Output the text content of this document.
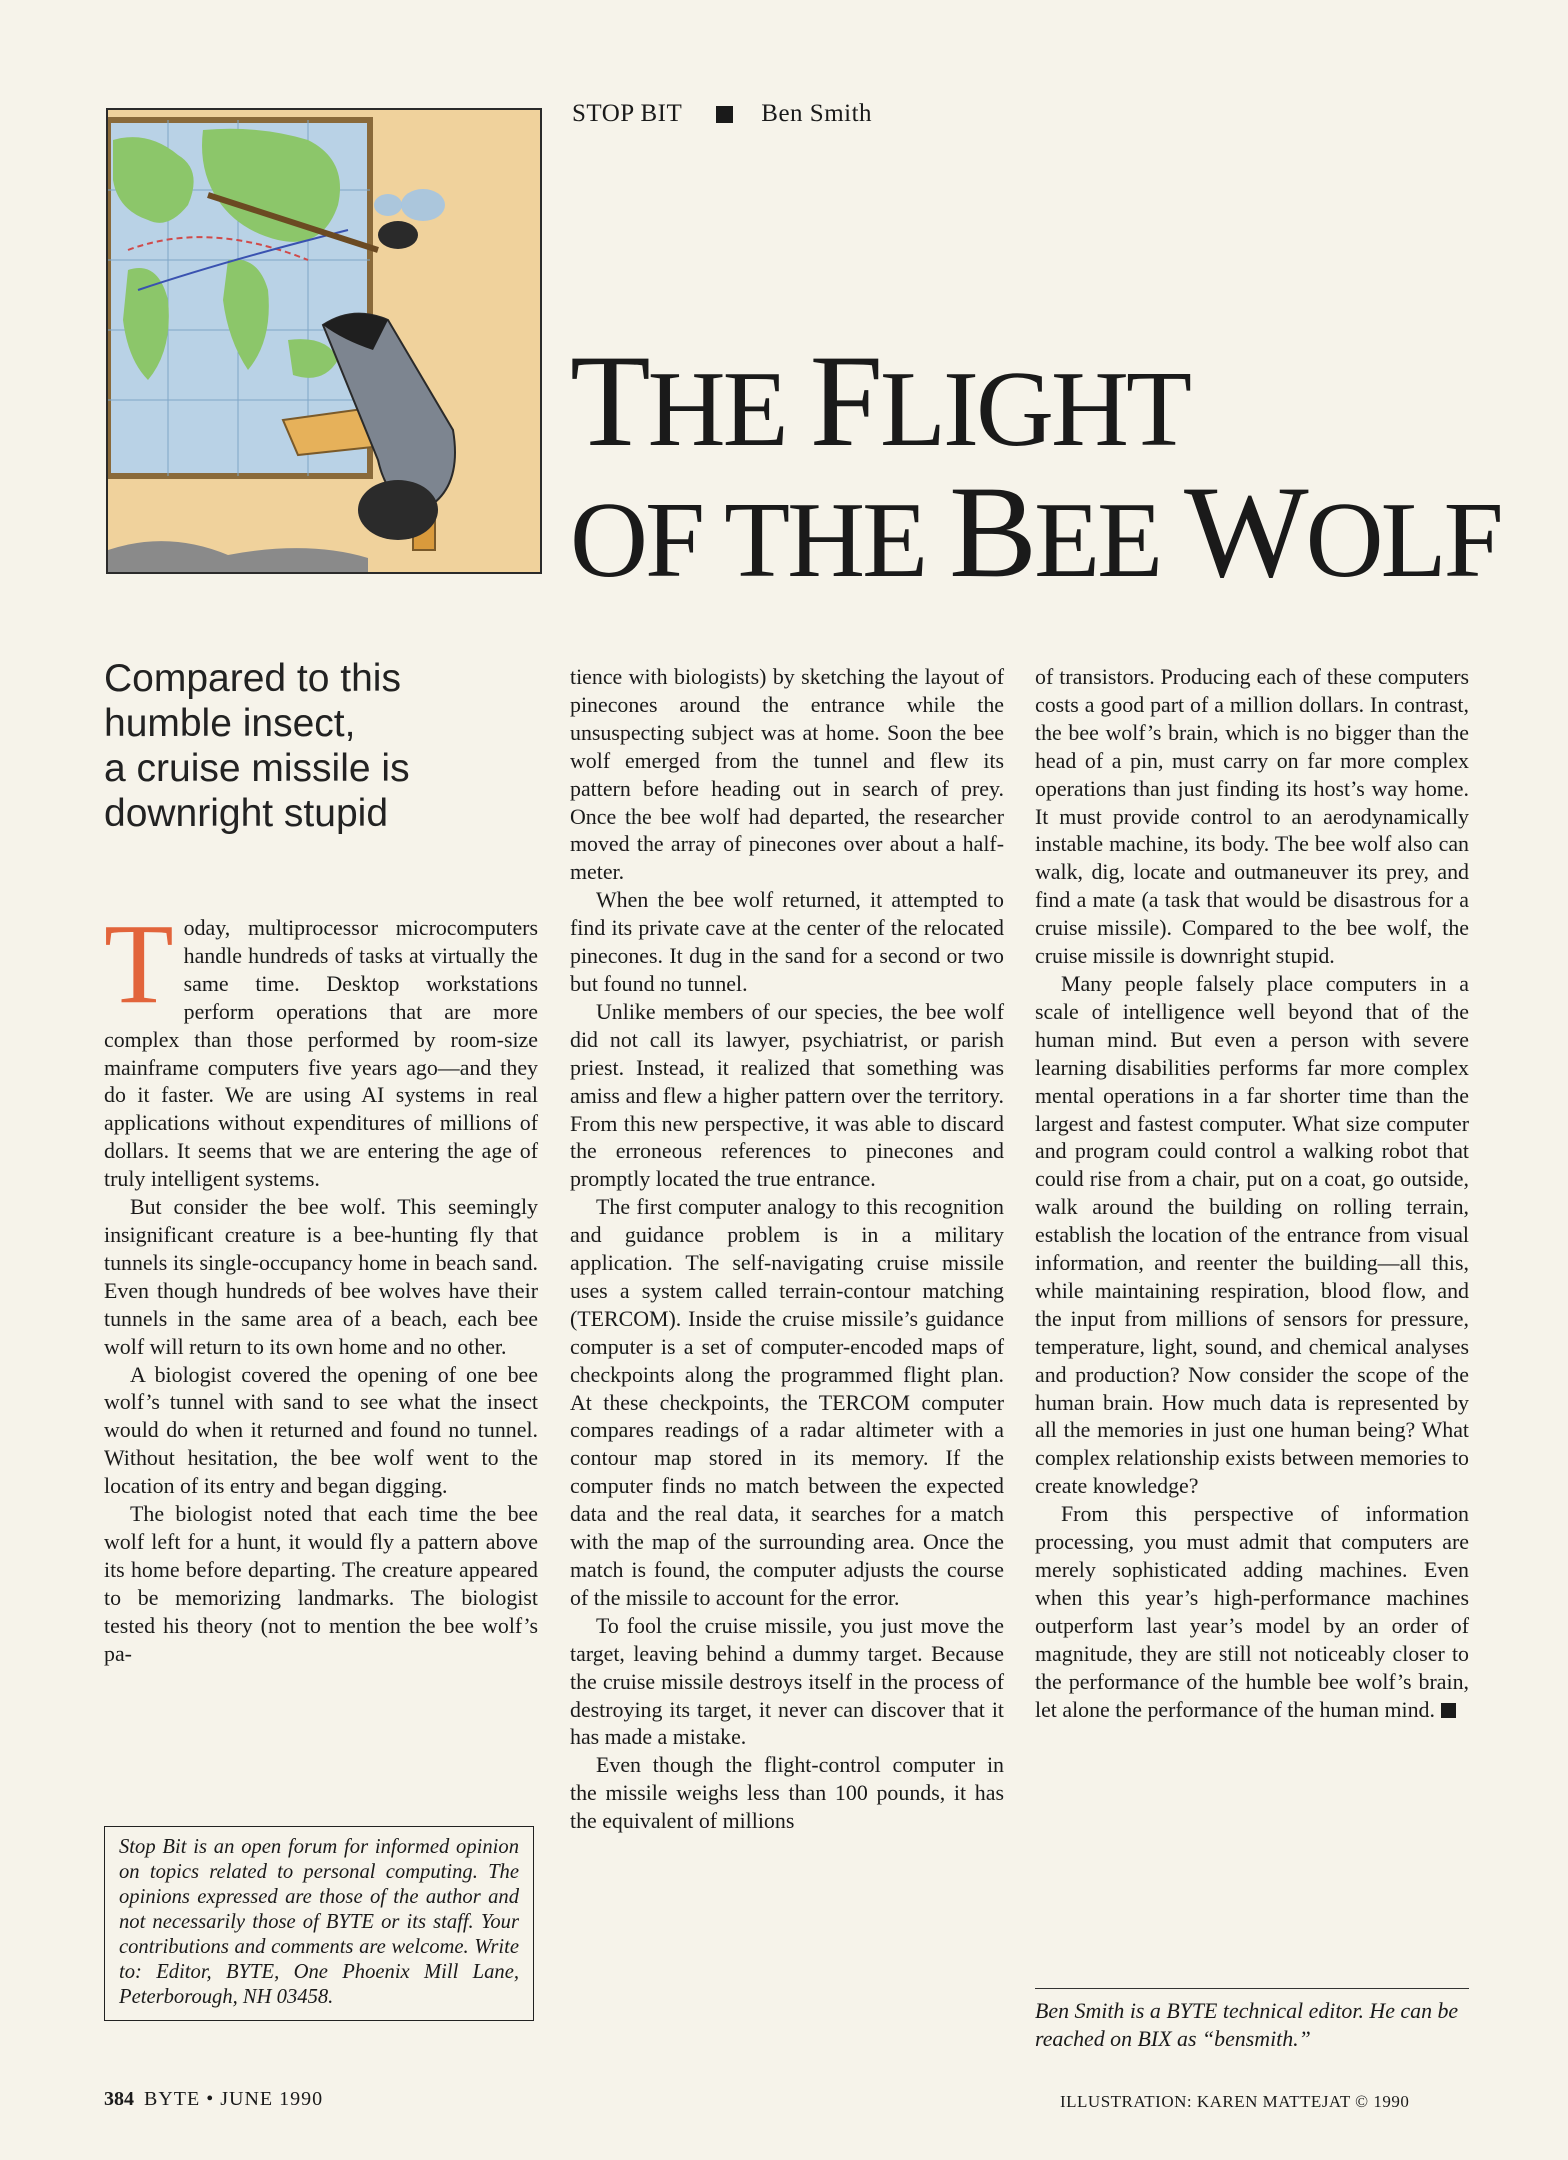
STOP BIT	Ben Smith
THE FLIGHT
OF THE BEE WOLF
Compared to this
humble insect,
a cruise missile is
downright stupid

Today, multiprocessor microcomputers handle hundreds of tasks at virtually the same time. Desktop workstations perform operations that are more complex than those performed by room-size mainframe computers five years ago—and they do it faster. We are using AI systems in real applications without expenditures of millions of dollars. It seems that we are entering the age of truly intelligent systems.

But consider the bee wolf. This seemingly insignificant creature is a bee-hunting fly that tunnels its single-occupancy home in beach sand. Even though hundreds of bee wolves have their tunnels in the same area of a beach, each bee wolf will return to its own home and no other.

A biologist covered the opening of one bee wolf’s tunnel with sand to see what the insect would do when it returned and found no tunnel. Without hesitation, the bee wolf went to the location of its entry and began digging.

The biologist noted that each time the bee wolf left for a hunt, it would fly a pattern above its home before departing. The creature appeared to be memorizing landmarks. The biologist tested his theory (not to mention the bee wolf’s pa-

Stop Bit is an open forum for informed opinion on topics related to personal computing. The opinions expressed are those of the author and not necessarily those of BYTE or its staff. Your contributions and comments are welcome. Write to: Editor, BYTE, One Phoenix Mill Lane, Peterborough, NH 03458.

tience with biologists) by sketching the layout of pinecones around the entrance while the unsuspecting subject was at home. Soon the bee wolf emerged from the tunnel and flew its pattern before heading out in search of prey. Once the bee wolf had departed, the researcher moved the array of pinecones over about a half-meter.

When the bee wolf returned, it attempted to find its private cave at the center of the relocated pinecones. It dug in the sand for a second or two but found no tunnel.

Unlike members of our species, the bee wolf did not call its lawyer, psychiatrist, or parish priest. Instead, it realized that something was amiss and flew a higher pattern over the territory. From this new perspective, it was able to discard the erroneous references to pinecones and promptly located the true entrance.

The first computer analogy to this recognition and guidance problem is in a military application. The self-navigating cruise missile uses a system called terrain-contour matching (TERCOM). Inside the cruise missile’s guidance computer is a set of computer-encoded maps of checkpoints along the programmed flight plan. At these checkpoints, the TERCOM computer compares readings of a radar altimeter with a contour map stored in its memory. If the computer finds no match between the expected data and the real data, it searches for a match with the map of the surrounding area. Once the match is found, the computer adjusts the course of the missile to account for the error.

To fool the cruise missile, you just move the target, leaving behind a dummy target. Because the cruise missile destroys itself in the process of destroying its target, it never can discover that it has made a mistake.

Even though the flight-control computer in the missile weighs less than 100 pounds, it has the equivalent of millions

of transistors. Producing each of these computers costs a good part of a million dollars. In contrast, the bee wolf’s brain, which is no bigger than the head of a pin, must carry on far more complex operations than just finding its host’s way home. It must provide control to an aerodynamically instable machine, its body. The bee wolf also can walk, dig, locate and outmaneuver its prey, and find a mate (a task that would be disastrous for a cruise missile). Compared to the bee wolf, the cruise missile is downright stupid.

Many people falsely place computers in a scale of intelligence well beyond that of the human mind. But even a person with severe learning disabilities performs far more complex mental operations in a far shorter time than the largest and fastest computer. What size computer and program could control a walking robot that could rise from a chair, put on a coat, go outside, walk around the building on rolling terrain, establish the location of the entrance from visual information, and reenter the building—all this, while maintaining respiration, blood flow, and the input from millions of sensors for pressure, temperature, light, sound, and chemical analyses and production? Now consider the scope of the human brain. How much data is represented by all the memories in just one human being? What complex relationship exists between memories to create knowledge?

From this perspective of information processing, you must admit that computers are merely sophisticated adding machines. Even when this year’s high-performance machines outperform last year’s model by an order of magnitude, they are still not noticeably closer to the performance of the humble bee wolf’s brain, let alone the performance of the human mind.

Ben Smith is a BYTE technical editor. He can be reached on BIX as “bensmith.”
384 BYTE • JUNE 1990	ILLUSTRATION: KAREN MATTEJAT © 1990
